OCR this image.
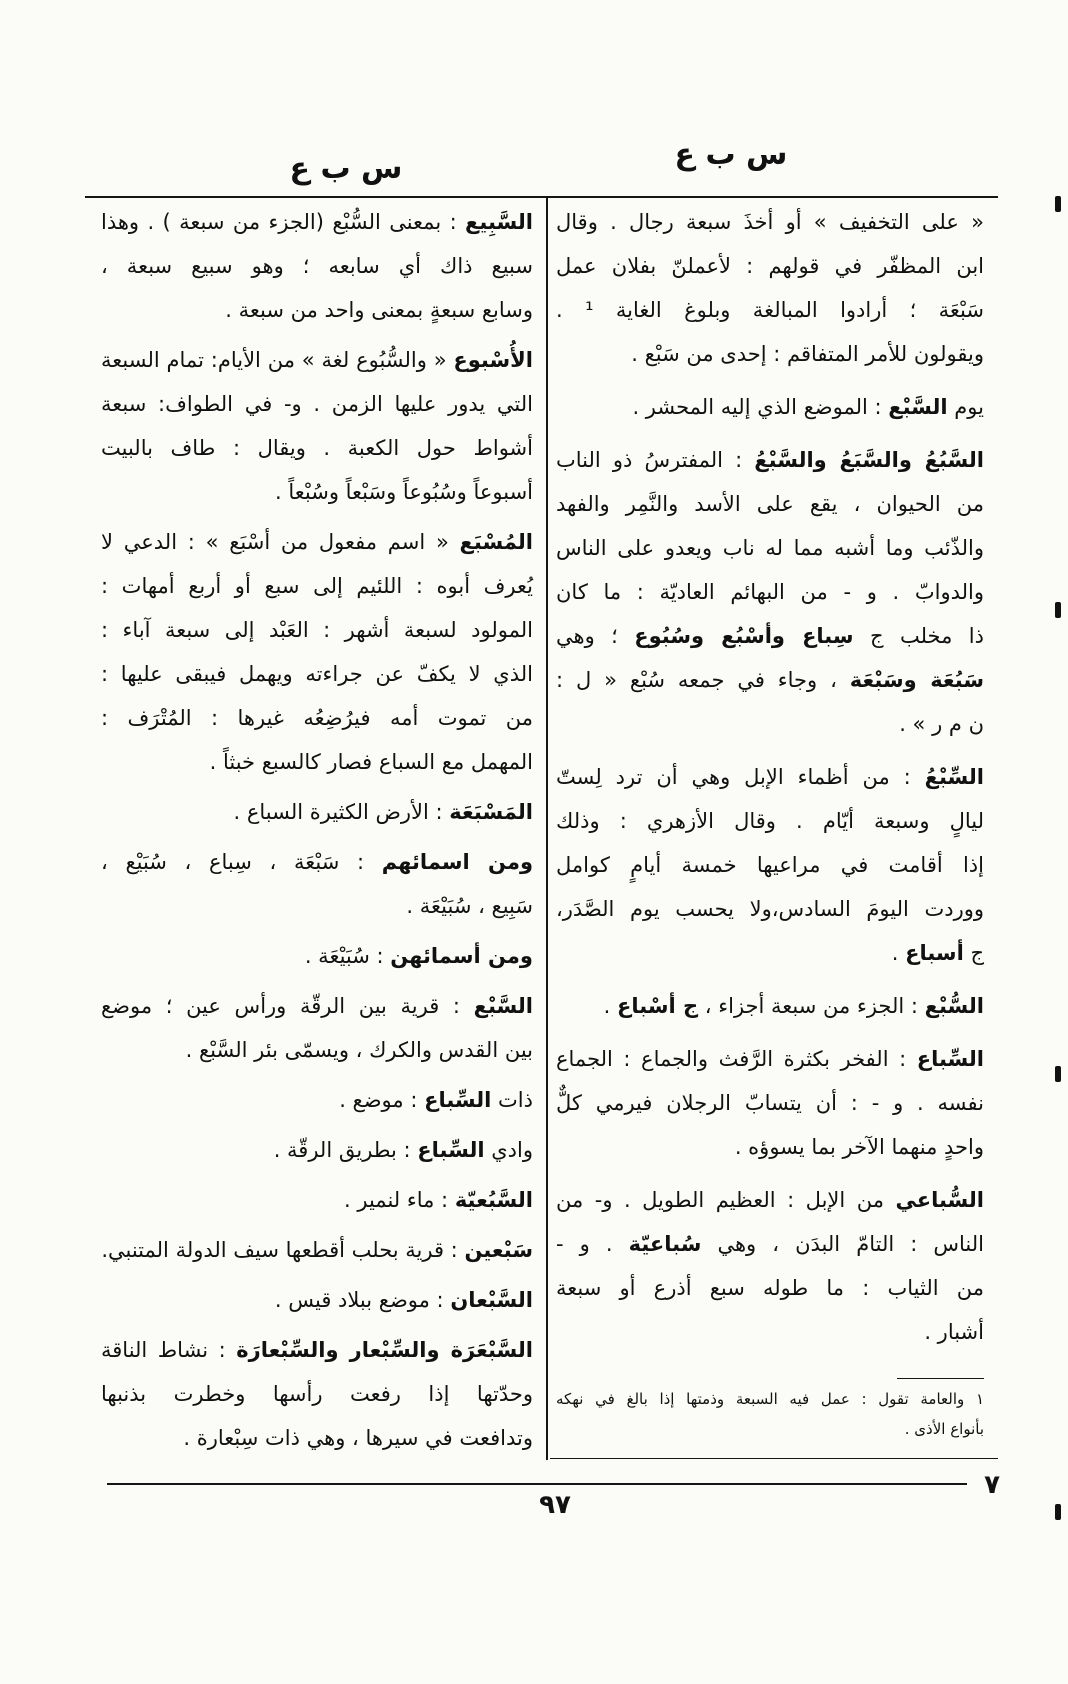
س ب ع
س ب ع
« على التخفيف » أو أخذَ سبعة رجال . وقال
ابن المظفّر في قولهم : لأعملنّ بفلان عمل
سَبْعَة ؛ أرادوا المبالغة وبلوغ الغاية ¹ .
ويقولون للأمر المتفاقم : إحدى من سَبْع .
يوم السَّبْع : الموضع الذي إليه المحشر .
السَّبُعُ والسَّبَعُ والسَّبْعُ : المفترسُ ذو الناب
من الحيوان ، يقع على الأسد والنَّمِر والفهد
والذّئب وما أشبه مما له ناب ويعدو على الناس
والدوابّ . و - من البهائم العاديّة : ما كان
ذا مخلب ج سِباع وأسْبُع وسُبُوع ؛ وهي
سَبُعَة وسَبْعَة ، وجاء في جمعه سُبْع « ل :
ن م ر » .
السِّبْعُ : من أظماء الإبل وهي أن ترد لِستّ
ليالٍ وسبعة أيّام . وقال الأزهري : وذلك
إذا أقامت في مراعيها خمسة أيامٍ كوامل
ووردت اليومَ السادس،ولا يحسب يوم الصَّدَر،
ج أسباع .
السُّبْع : الجزء من سبعة أجزاء ، ج أسْباع .
السِّباع : الفخر بكثرة الرَّفث والجماع : الجماع
نفسه . و - : أن يتسابّ الرجلان فيرمي كلٌّ
واحدٍ منهما الآخر بما يسوؤه .
السُّباعي من الإبل : العظيم الطويل . و- من
الناس : التامّ البدَن ، وهي سُباعيّة . و -
من الثياب : ما طوله سبع أذرع أو سبعة
أشبار .
السَّبِيع : بمعنى السُّبْع (الجزء من سبعة ) . وهذا
سبيع ذاك أي سابعه ؛ وهو سبيع سبعة ،
وسابع سبعةٍ بمعنى واحد من سبعة .
الأُسْبوع « والسُّبُوع لغة » من الأيام: تمام السبعة
التي يدور عليها الزمن . و- في الطواف: سبعة
أشواط حول الكعبة . ويقال : طاف بالبيت
أسبوعاً وسُبُوعاً وسَبْعاً وسُبْعاً .
المُسْبَع « اسم مفعول من أسْبَع » : الدعي لا
يُعرف أبوه : اللئيم إلى سبع أو أربع أمهات :
المولود لسبعة أشهر : العَبْد إلى سبعة آباء :
الذي لا يكفّ عن جراءته ويهمل فيبقى عليها :
من تموت أمه فيرُضِعُه غيرها : المُتْرَف :
المهمل مع السباع فصار كالسبع خبثاً .
المَسْبَعَة : الأرض الكثيرة السباع .
ومن اسمائهم : سَبْعَة ، سِباع ، سُبَيْع ،
سَبِيع ، سُبَيْعَة .
ومن أسمائهن : سُبَيْعَة .
السَّبْع : قرية بين الرقّة ورأس عين ؛ موضع
بين القدس والكرك ، ويسمّى بئر السَّبْع .
ذات السِّباع : موضع .
وادي السِّباع : بطريق الرقّة .
السَّبُعيّة : ماء لنمير .
سَبْعين : قرية بحلب أقطعها سيف الدولة المتنبي.
السَّبْعان : موضع ببلاد قيس .
السَّبْعَرَة والسِّبْعار والسِّبْعارَة : نشاط الناقة
وحدّتها إذا رفعت رأسها وخطرت بذنبها
وتدافعت في سيرها ، وهي ذات سِبْعارة .
١ والعامة تقول : عمل فيه السبعة وذمتها إذا بالغ في نهكه
بأنواع الأذى .
٩٧
٧
